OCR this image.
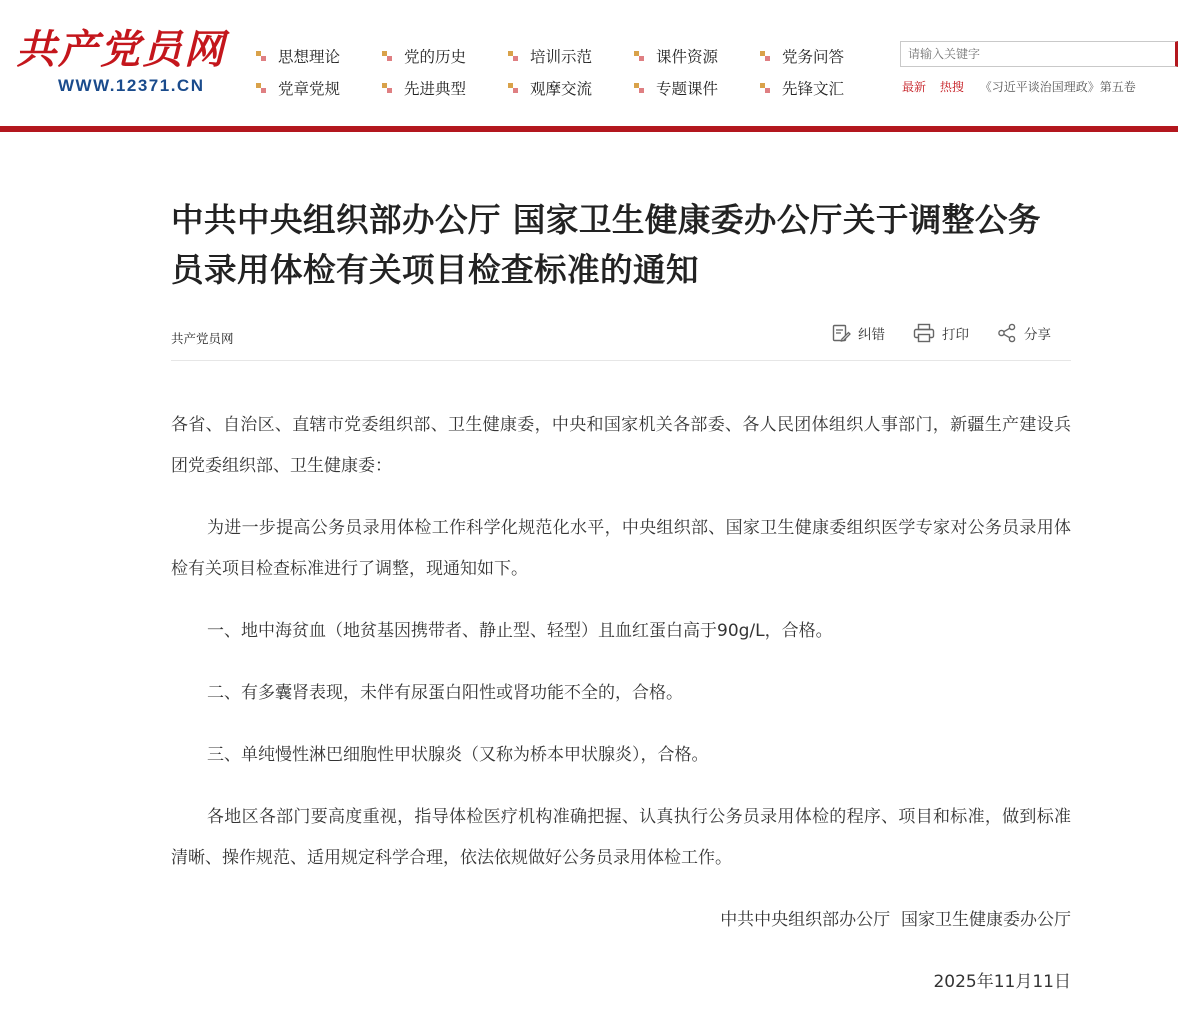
共产党员网
WWW.12371.CN
思想理论	党的历史	培训示范	课件资源	党务问答
党章党规	先进典型	观摩交流	专题课件	先锋文汇
请输入关键字	最新 热搜 《习近平谈治国理政》第五卷
中共中央组织部办公厅 国家卫生健康委办公厅关于调整公务员录用体检有关项目检查标准的通知
共产党员网	纠错	打印	分享

各省、自治区、直辖市党委组织部、卫生健康委，中央和国家机关各部委、各人民团体组织人事部门，新疆生产建设兵团党委组织部、卫生健康委：

为进一步提高公务员录用体检工作科学化规范化水平，中央组织部、国家卫生健康委组织医学专家对公务员录用体检有关项目检查标准进行了调整，现通知如下。

一、地中海贫血（地贫基因携带者、静止型、轻型）且血红蛋白高于90g/L，合格。

二、有多囊肾表现，未伴有尿蛋白阳性或肾功能不全的，合格。

三、单纯慢性淋巴细胞性甲状腺炎（又称为桥本甲状腺炎），合格。

各地区各部门要高度重视，指导体检医疗机构准确把握、认真执行公务员录用体检的程序、项目和标准，做到标准清晰、操作规范、适用规定科学合理，依法依规做好公务员录用体检工作。

中共中央组织部办公厅  国家卫生健康委办公厅

2025年11月11日
